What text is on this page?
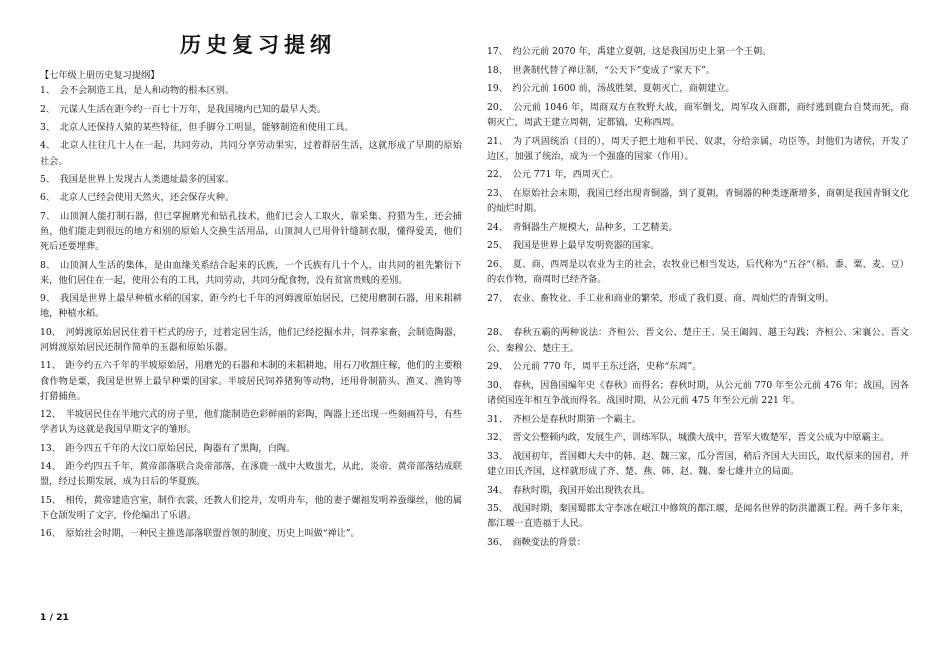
历史复习提纲

【七年级上册历史复习提纲】

1、　会不会制造工具，是人和动物的根本区别。

2、　元谋人生活在距今约一百七十万年，是我国境内已知的最早人类。

3、　北京人还保持人猿的某些特征，但手脚分工明显，能够制造和使用工具。

4、　北京人往往几十人在一起，共同劳动，共同分享劳动果实，过着群居生活，这就形成了早期的原始社会。

5、　我国是世界上发现古人类遗址最多的国家。

6、　北京人已经会使用天然火，还会保存火种。

7、　山顶洞人能打制石器，但已掌握磨光和钻孔技术，他们已会人工取火，靠采集、狩猎为生，还会捕鱼，他们能走到很远的地方和别的原始人交换生活用品，山顶洞人已用骨针缝制衣服，懂得爱美，他们死后还要埋葬。

8、　山顶洞人生活的集体，是由血缘关系结合起来的氏族，一个氏族有几十个人，由共同的祖先繁衍下来，他们居住在一起，使用公有的工具，共同劳动，共同分配食物，没有贫富贵贱的差别。

9、　我国是世界上最早种植水稻的国家，距今约七千年的河姆渡原始居民，已使用磨制石器，用来耜耕地，种植水稻。

10、　河姆渡原始居民住着干栏式的房子，过着定居生活，他们已经挖掘水井，饲养家畜，会制造陶器，河姆渡原始居民还制作简单的玉器和原始乐器。

11、　距今约五六千年的半坡原始居，用磨光的石器和木制的耒耜耕地，用石刀收割庄稼，他们的主要粮食作物是粟，我国是世界上最早种粟的国家。半坡居民饲养猪狗等动物，还用骨制箭头、渔叉、渔钩等打猎捕鱼。

12、　半坡居民住在半地穴式的房子里，他们能制造色彩鲜丽的彩陶，陶器上还出现一些刻画符号，有些学者认为这就是我国早期文字的雏形。

13、　距今四五千年的大汶口原始居民，陶器有了黑陶，白陶。

14、　距今约四五千年，黄帝部落联合炎帝部落，在涿鹿一战中大败蚩尤，从此，炎帝、黄帝部落结成联盟，经过长期发展，成为日后的华夏族。

15、　相传，黄帝建造宫室，制作衣裳，还教人们挖井，发明舟车，他的妻子嫘祖发明养蚕缫丝，他的属下仓颉发明了文字，伶伦编出了乐谱。

16、　原始社会时期，一种民主推选部落联盟首领的制度，历史上叫做“禅让”。

17、　约公元前 2070 年，禹建立夏朝，这是我国历史上第一个王朝。

18、　世袭制代替了禅让制，“公天下”变成了“家天下”。

19、　约公元前 1600 前，汤战胜桀，夏朝灭亡，商朝建立。

20、　公元前 1046 年，周商双方在牧野大战，商军倒戈，周军攻入商都，商纣逃到鹿台自焚而死，商朝灭亡，周武王建立周朝，定都镐，史称西周。

21、　为了巩固统治（目的），周天子把土地和平民、奴隶，分给亲属，功臣等，封他们为诸侯，开发了边区，加强了统治，成为一个强盛的国家（作用）。

22、　公元 771 年，西周灭亡。

23、　在原始社会末期，我国已经出现青铜器，到了夏朝，青铜器的种类逐渐增多，商朝是我国青铜文化的灿烂时期。

24、　青铜器生产规模大，品种多，工艺精美。

25、　我国是世界上最早发明瓷器的国家。

26、　夏、商、西周是以农业为主的社会，农牧业已相当发达，后代称为“五谷“（稻、黍、粟、麦、豆）的农作物，商周时已经齐备。

27、　农业、畜牧业、手工业和商业的繁荣，形成了我们夏、商、周灿烂的青铜文明。

28、　春秋五霸的两种说法：齐桓公、晋文公、楚庄王、吴王阖闾、越王勾践；齐桓公、宋襄公、晋文公、秦穆公、楚庄王。

29、　公元前 770 年，周平王东迁洛，史称“东周”。

30、　春秋，因鲁国编年史《春秋》而得名；春秋时期，从公元前 770 年至公元前 476 年；战国，因各诸侯国连年相互争战而得名。战国时期，从公元前 475 年至公元前 221 年。

31、　齐桓公是春秋时期第一个霸主。

32、　晋文公整顿内政，发展生产，训练军队，城濮大战中，晋军大败楚军，晋文公成为中原霸主。

33、　战国初年，晋国卿大夫中的韩、赵、魏三家，瓜分晋国，稍后齐国大夫田氏，取代原来的国君，并建立田氏齐国，这样就形成了齐、楚、燕、韩、赵、魏、秦七雄并立的局面。

34、　春秋时期，我国开始出现铁农具。

35、　战国时期，秦国蜀郡太守李冰在岷江中修筑的都江堰，是闻名世界的防洪灌溉工程。两千多年来，都江堰一直造福于人民。

36、　商鞅变法的背景：

1 / 21
